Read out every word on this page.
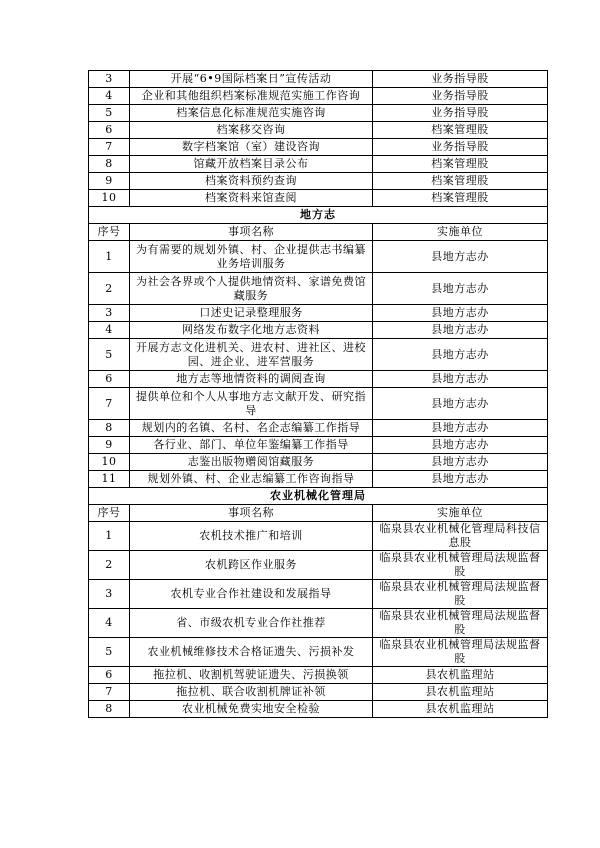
3	开展“6•9国际档案日”宣传活动	业务指导股
4	企业和其他组织档案标准规范实施工作咨询	业务指导股
5	档案信息化标准规范实施咨询	业务指导股
6	档案移交咨询	档案管理股
7	数字档案馆（室）建设咨询	业务指导股
8	馆藏开放档案目录公布	档案管理股
9	档案资料预约查询	档案管理股
10	档案资料来馆查阅	档案管理股
地方志		
序号	事项名称	实施单位
1	为有需要的规划外镇、村、企业提供志书编纂业务培训服务	县地方志办
2	为社会各界或个人提供地情资料、家谱免费馆藏服务	县地方志办
3	口述史记录整理服务	县地方志办
4	网络发布数字化地方志资料	县地方志办
5	开展方志文化进机关、进农村、进社区、进校园、进企业、进军营服务	县地方志办
6	地方志等地情资料的调阅查询	县地方志办
7	提供单位和个人从事地方志文献开发、研究指导	县地方志办
8	规划内的名镇、名村、名企志编纂工作指导	县地方志办
9	各行业、部门、单位年鉴编纂工作指导	县地方志办
10	志鉴出版物赠阅馆藏服务	县地方志办
11	规划外镇、村、企业志编纂工作咨询指导	县地方志办
农业机械化管理局		
序号	事项名称	实施单位
1	农机技术推广和培训	临泉县农业机械化管理局科技信息股
2	农机跨区作业服务	临泉县农业机械管理局法规监督股
3	农机专业合作社建设和发展指导	临泉县农业机械管理局法规监督股
4	省、市级农机专业合作社推荐	临泉县农业机械管理局法规监督股
5	农业机械维修技术合格证遗失、污损补发	临泉县农业机械管理局法规监督股
6	拖拉机、收割机驾驶证遗失、污损换领	县农机监理站
7	拖拉机、联合收割机牌证补领	县农机监理站
8	农业机械免费实地安全检验	县农机监理站
